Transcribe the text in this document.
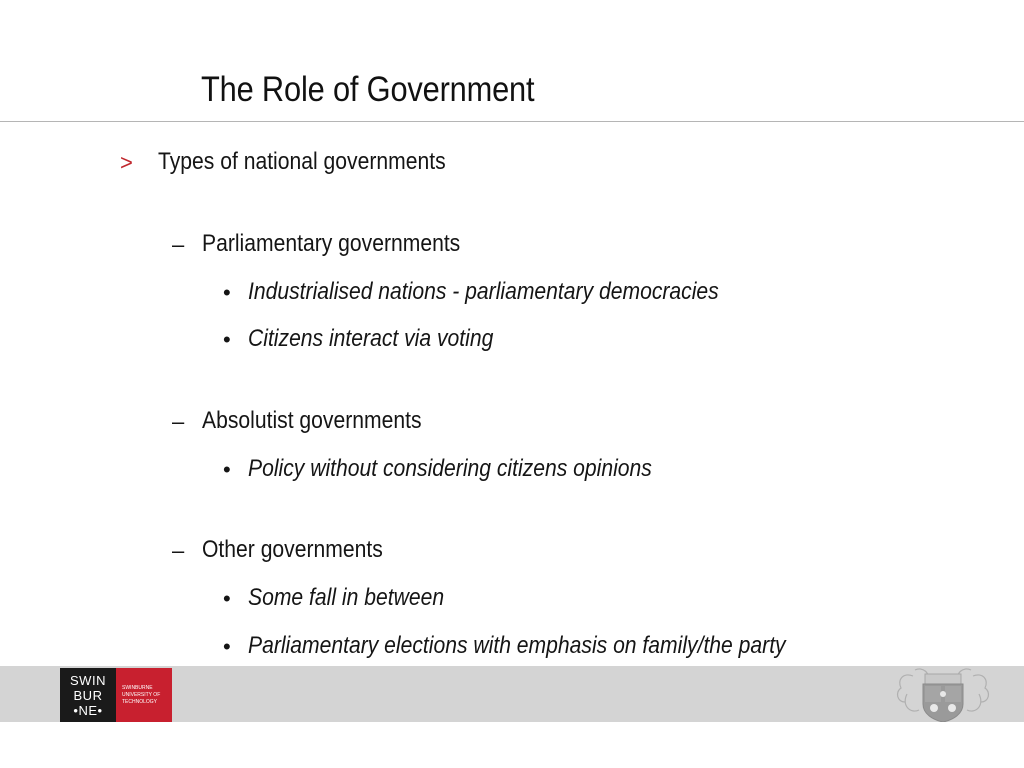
The Role of Government
> Types of national governments
– Parliamentary governments
• Industrialised nations - parliamentary democracies
• Citizens interact via voting
– Absolutist governments
• Policy without considering citizens opinions
– Other governments
• Some fall in between
• Parliamentary elections with emphasis on family/the party
SWIN
BUR
•NE•
SWINBURNE
UNIVERSITY OF
TECHNOLOGY
